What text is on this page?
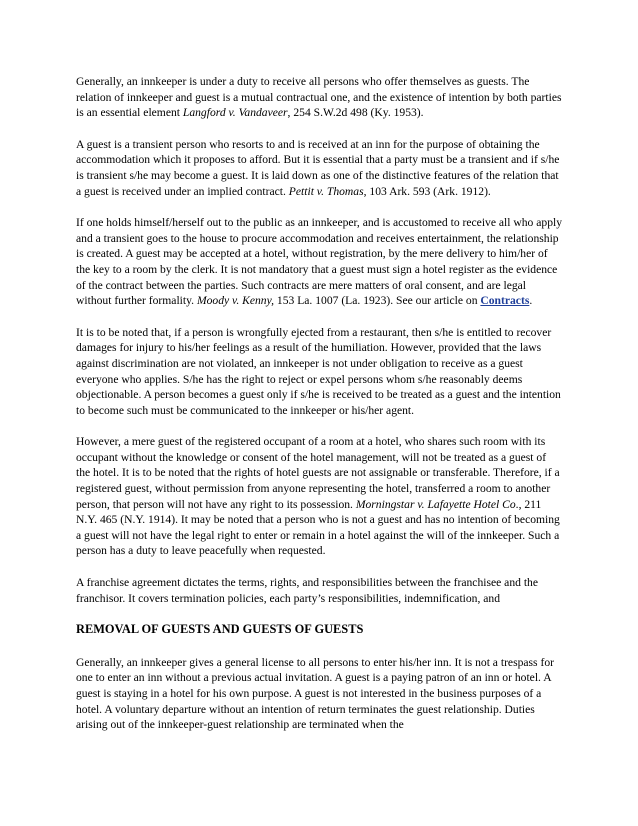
Generally, an innkeeper is under a duty to receive all persons who offer themselves as guests. The relation of innkeeper and guest is a mutual contractual one, and the existence of intention by both parties is an essential element Langford v. Vandaveer, 254 S.W.2d 498 (Ky. 1953).

A guest is a transient person who resorts to and is received at an inn for the purpose of obtaining the accommodation which it proposes to afford. But it is essential that a party must be a transient and if s/he is transient s/he may become a guest. It is laid down as one of the distinctive features of the relation that a guest is received under an implied contract. Pettit v. Thomas, 103 Ark. 593 (Ark. 1912).

If one holds himself/herself out to the public as an innkeeper, and is accustomed to receive all who apply and a transient goes to the house to procure accommodation and receives entertainment, the relationship is created. A guest may be accepted at a hotel, without registration, by the mere delivery to him/her of the key to a room by the clerk. It is not mandatory that a guest must sign a hotel register as the evidence of the contract between the parties. Such contracts are mere matters of oral consent, and are legal without further formality. Moody v. Kenny, 153 La. 1007 (La. 1923). See our article on Contracts.

It is to be noted that, if a person is wrongfully ejected from a restaurant, then s/he is entitled to recover damages for injury to his/her feelings as a result of the humiliation. However, provided that the laws against discrimination are not violated, an innkeeper is not under obligation to receive as a guest everyone who applies. S/he has the right to reject or expel persons whom s/he reasonably deems objectionable. A person becomes a guest only if s/he is received to be treated as a guest and the intention to become such must be communicated to the innkeeper or his/her agent.

However, a mere guest of the registered occupant of a room at a hotel, who shares such room with its occupant without the knowledge or consent of the hotel management, will not be treated as a guest of the hotel. It is to be noted that the rights of hotel guests are not assignable or transferable. Therefore, if a registered guest, without permission from anyone representing the hotel, transferred a room to another person, that person will not have any right to its possession. Morningstar v. Lafayette Hotel Co., 211 N.Y. 465 (N.Y. 1914). It may be noted that a person who is not a guest and has no intention of becoming a guest will not have the legal right to enter or remain in a hotel against the will of the innkeeper. Such a person has a duty to leave peacefully when requested.

A franchise agreement dictates the terms, rights, and responsibilities between the franchisee and the franchisor. It covers termination policies, each party’s responsibilities, indemnification, and

REMOVAL OF GUESTS AND GUESTS OF GUESTS

Generally, an innkeeper gives a general license to all persons to enter his/her inn. It is not a trespass for one to enter an inn without a previous actual invitation. A guest is a paying patron of an inn or hotel. A guest is staying in a hotel for his own purpose. A guest is not interested in the business purposes of a hotel. A voluntary departure without an intention of return terminates the guest relationship. Duties arising out of the innkeeper-guest relationship are terminated when the
